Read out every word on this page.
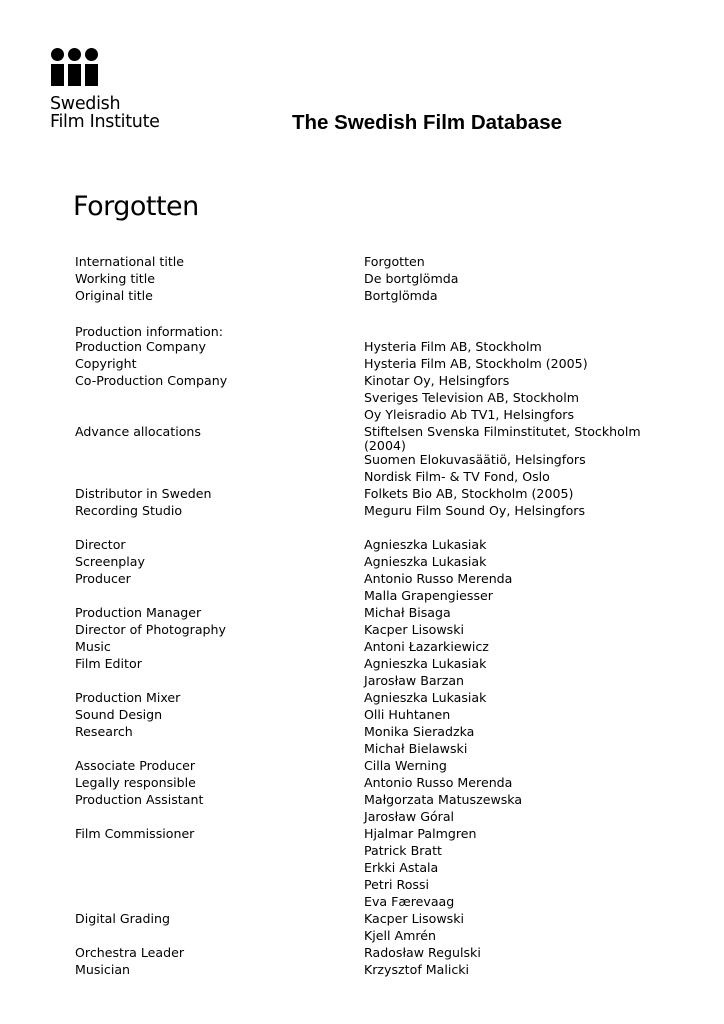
Swedish
Film Institute	The Swedish Film Database
Forgotten
International title	Forgotten
Working title	De bortglömda
Original title	Bortglömda
Production information:
Production Company	Hysteria Film AB, Stockholm
Copyright	Hysteria Film AB, Stockholm (2005)
Co-Production Company	Kinotar Oy, Helsingfors
Sveriges Television AB, Stockholm
Oy Yleisradio Ab TV1, Helsingfors
Advance allocations	Stiftelsen Svenska Filminstitutet, Stockholm (2004)
Suomen Elokuvasäätiö, Helsingfors
Nordisk Film- & TV Fond, Oslo
Distributor in Sweden	Folkets Bio AB, Stockholm (2005)
Recording Studio	Meguru Film Sound Oy, Helsingfors
Director	Agnieszka Lukasiak
Screenplay	Agnieszka Lukasiak
Producer	Antonio Russo Merenda
Malla Grapengiesser
Production Manager	Michał Bisaga
Director of Photography	Kacper Lisowski
Music	Antoni Łazarkiewicz
Film Editor	Agnieszka Lukasiak
Jarosław Barzan
Production Mixer	Agnieszka Lukasiak
Sound Design	Olli Huhtanen
Research	Monika Sieradzka
Michał Bielawski
Associate Producer	Cilla Werning
Legally responsible	Antonio Russo Merenda
Production Assistant	Małgorzata Matuszewska
Jarosław Góral
Film Commissioner	Hjalmar Palmgren
Patrick Bratt
Erkki Astala
Petri Rossi
Eva Færevaag
Digital Grading	Kacper Lisowski
Kjell Amrén
Orchestra Leader	Radosław Regulski
Musician	Krzysztof Malicki
